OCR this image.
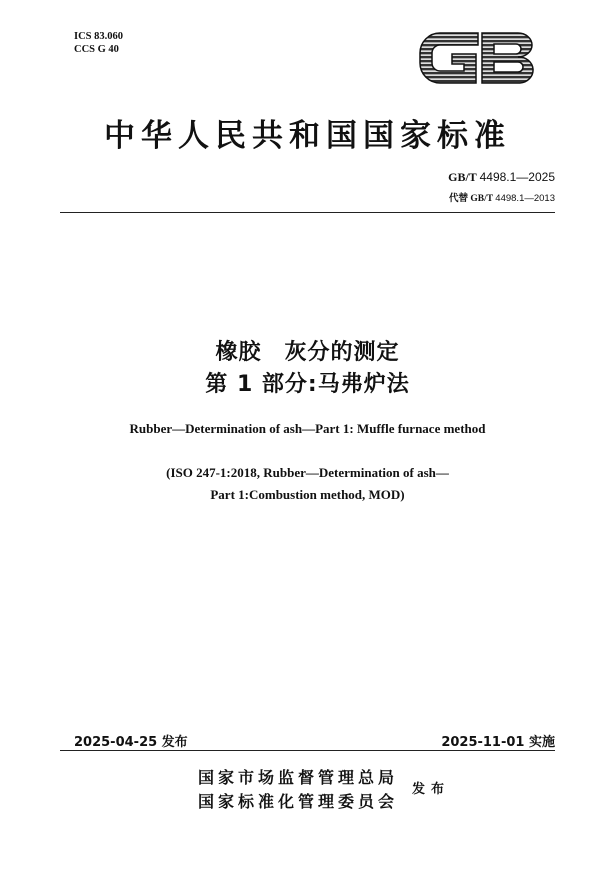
ICS 83.060
CCS G 40
GB
中华人民共和国国家标准
GB/T 4498.1—2025
代替 GB/T 4498.1—2013
橡胶　灰分的测定
第 1 部分:马弗炉法
Rubber—Determination of ash—Part 1: Muffle furnace method
(ISO 247-1:2018, Rubber—Determination of ash—
Part 1:Combustion method, MOD)
2025-04-25 发布	2025-11-01 实施
国家市场监督管理总局
国家标准化管理委员会
发布
